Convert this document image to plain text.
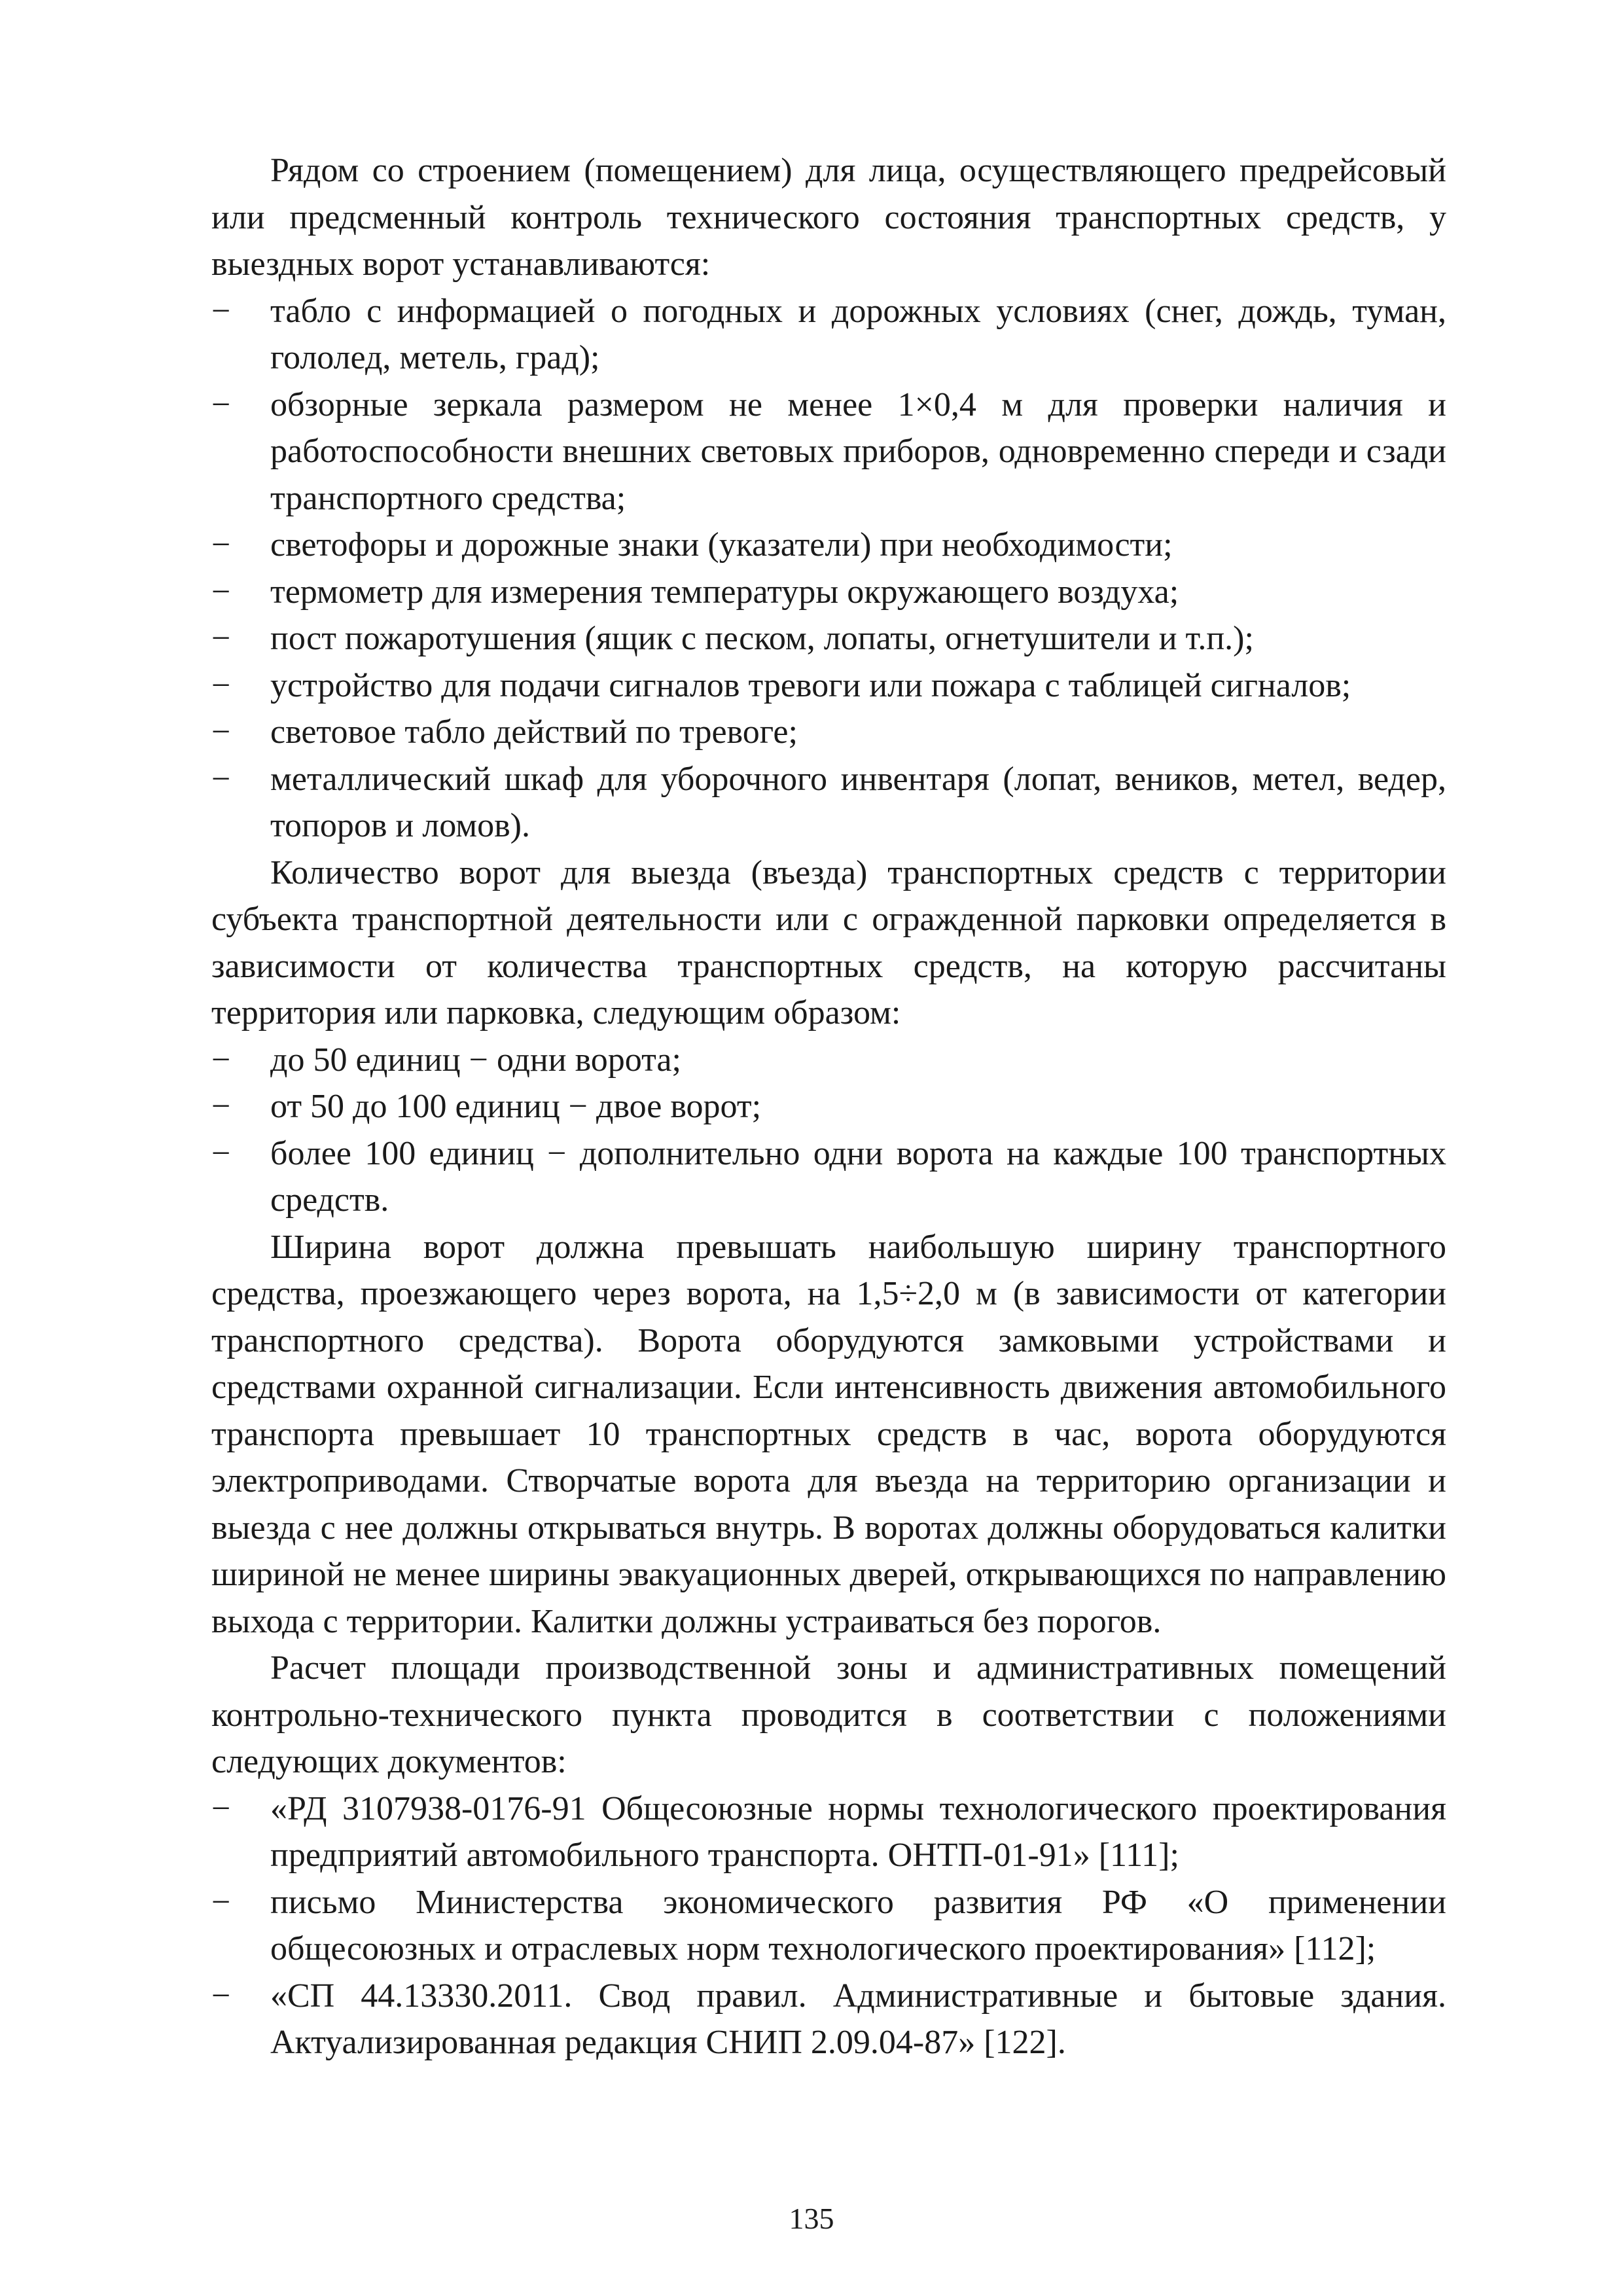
Рядом со строением (помещением) для лица, осуществляющего предрейсовый или предсменный контроль технического состояния транспортных средств, у выездных ворот устанавливаются:

−	табло с информацией о погодных и дорожных условиях (снег, дождь, туман, гололед, метель, град);
−	обзорные зеркала размером не менее 1×0,4 м для проверки наличия и работоспособности внешних световых приборов, одновременно спереди и сзади транспортного средства;
−	светофоры и дорожные знаки (указатели) при необходимости;
−	термометр для измерения температуры окружающего воздуха;
−	пост пожаротушения (ящик с песком, лопаты, огнетушители и т.п.);
−	устройство для подачи сигналов тревоги или пожара с таблицей сигналов;
−	световое табло действий по тревоге;
−	металлический шкаф для уборочного инвентаря (лопат, веников, метел, ведер, топоров и ломов).

Количество ворот для выезда (въезда) транспортных средств с территории субъекта транспортной деятельности или с огражденной парковки определяется в зависимости от количества транспортных средств, на которую рассчитаны территория или парковка, следующим образом:

−	до 50 единиц − одни ворота;
−	от 50 до 100 единиц − двое ворот;
−	более 100 единиц − дополнительно одни ворота на каждые 100 транспортных средств.

Ширина ворот должна превышать наибольшую ширину транспортного средства, проезжающего через ворота, на 1,5÷2,0 м (в зависимости от категории транспортного средства). Ворота оборудуются замковыми устройствами и средствами охранной сигнализации. Если интенсивность движения автомобильного транспорта превышает 10 транспортных средств в час, ворота оборудуются электроприводами. Створчатые ворота для въезда на территорию организации и выезда с нее должны открываться внутрь. В воротах должны оборудоваться калитки шириной не менее ширины эвакуационных дверей, открывающихся по направлению выхода с территории. Калитки должны устраиваться без порогов.

Расчет площади производственной зоны и административных помещений контрольно-технического пункта проводится в соответствии с положениями следующих документов:

−	«РД 3107938-0176-91 Общесоюзные нормы технологического проектирования предприятий автомобильного транспорта. ОНТП-01-91» [111];
−	письмо Министерства экономического развития РФ «О применении общесоюзных и отраслевых норм технологического проектирования» [112];
−	«СП 44.13330.2011. Свод правил. Административные и бытовые здания. Актуализированная редакция СНИП 2.09.04-87» [122].
135
